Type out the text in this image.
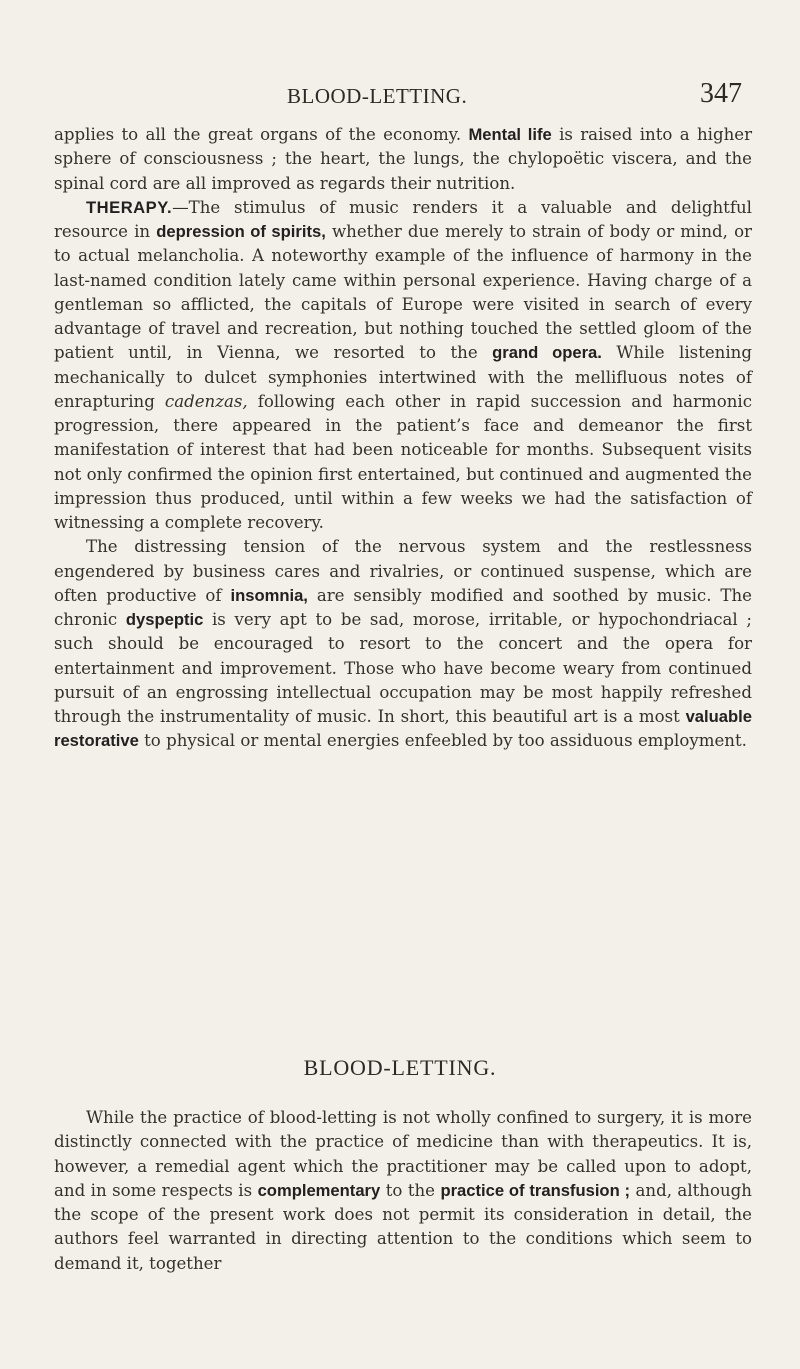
BLOOD-LETTING.	347

applies to all the great organs of the economy. Mental life is raised into a higher sphere of consciousness ; the heart, the lungs, the chylopoëtic viscera, and the spinal cord are all improved as regards their nutrition.

THERAPY.—The stimulus of music renders it a valuable and delightful resource in depression of spirits, whether due merely to strain of body or mind, or to actual melancholia. A noteworthy example of the influence of harmony in the last-named condition lately came within personal experience. Having charge of a gentleman so afflicted, the capitals of Europe were visited in search of every advantage of travel and recreation, but nothing touched the settled gloom of the patient until, in Vienna, we resorted to the grand opera. While listening mechanically to dulcet symphonies intertwined with the mellifluous notes of enrapturing cadenzas, following each other in rapid succession and harmonic progression, there appeared in the patient’s face and demeanor the first manifestation of interest that had been noticeable for months. Subsequent visits not only confirmed the opinion first entertained, but continued and augmented the impression thus produced, until within a few weeks we had the satisfaction of witnessing a complete recovery.

The distressing tension of the nervous system and the restlessness engendered by business cares and rivalries, or continued suspense, which are often productive of insomnia, are sensibly modified and soothed by music. The chronic dyspeptic is very apt to be sad, morose, irritable, or hypochondriacal ; such should be encouraged to resort to the concert and the opera for entertainment and improvement. Those who have become weary from continued pursuit of an engrossing intellectual occupation may be most happily refreshed through the instrumentality of music. In short, this beautiful art is a most valuable restorative to physical or mental energies enfeebled by too assiduous employment.

BLOOD-LETTING.

While the practice of blood-letting is not wholly confined to surgery, it is more distinctly connected with the practice of medicine than with therapeutics. It is, however, a remedial agent which the practitioner may be called upon to adopt, and in some respects is complementary to the practice of transfusion ; and, although the scope of the present work does not permit its consideration in detail, the authors feel warranted in directing attention to the conditions which seem to demand it, together
